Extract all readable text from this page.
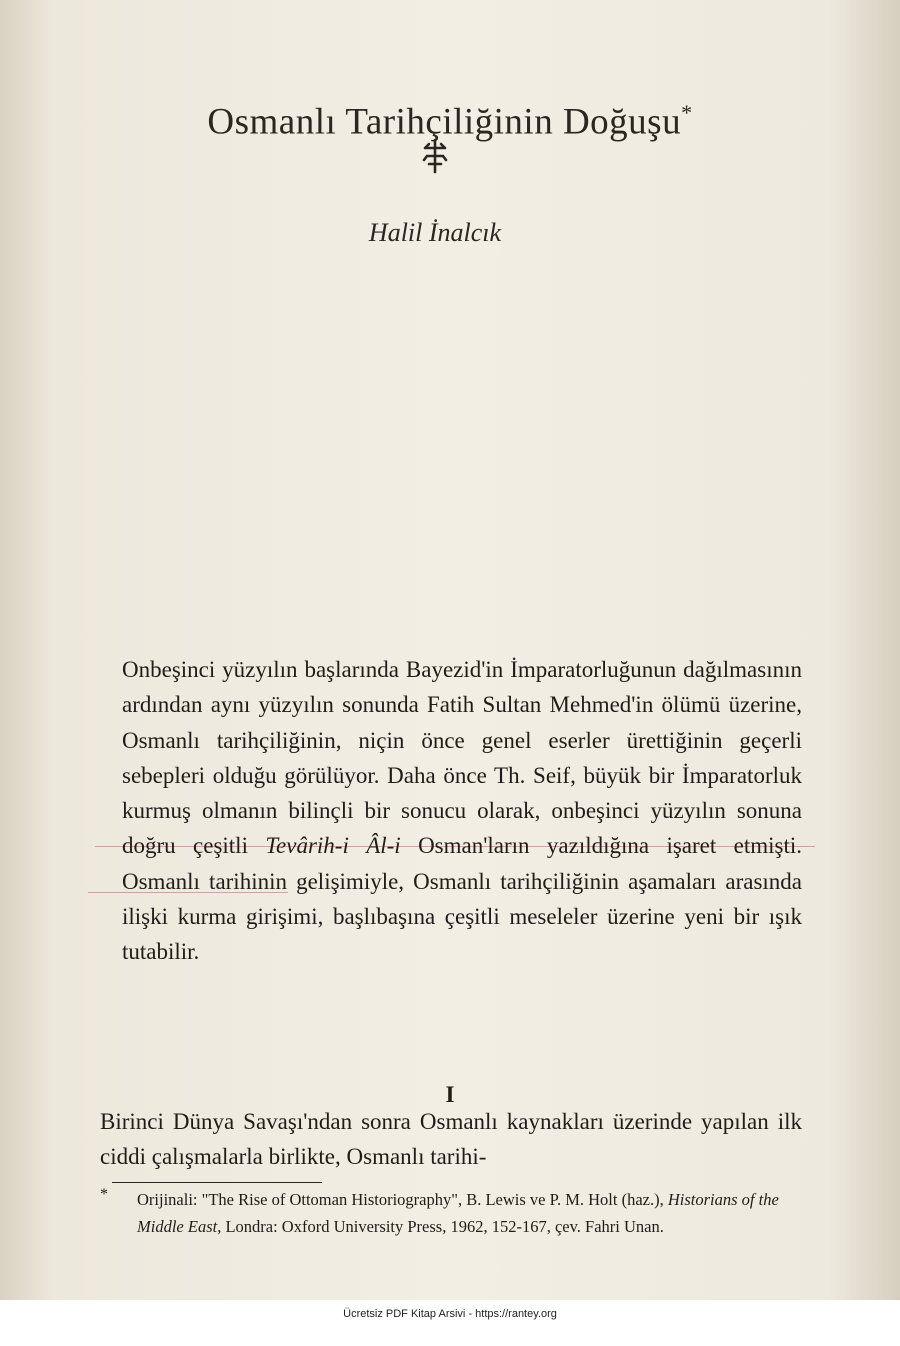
Osmanlı Tarihçiliğinin Doğuşu*
Halil İnalcık
Onbeşinci yüzyılın başlarında Bayezid'in İmparatorluğunun dağılmasının ardından aynı yüzyılın sonunda Fatih Sultan Mehmed'in ölümü üzerine, Osmanlı tarihçiliğinin, niçin önce genel eserler ürettiğinin geçerli sebepleri olduğu görülüyor. Daha önce Th. Seif, büyük bir İmparatorluk kurmuş olmanın bilinçli bir sonucu olarak, onbeşinci yüzyılın sonuna doğru çeşitli Tevârih-i Âl-i Osman'ların yazıldığına işaret etmişti. Osmanlı tarihinin gelişimiyle, Osmanlı tarihçiliğinin aşamaları arasında ilişki kurma girişimi, başlıbaşına çeşitli meseleler üzerine yeni bir ışık tutabilir.
I
Birinci Dünya Savaşı'ndan sonra Osmanlı kaynakları üzerinde yapılan ilk ciddi çalışmalarla birlikte, Osmanlı tarihi-
* Orijinali: "The Rise of Ottoman Historiography", B. Lewis ve P. M. Holt (haz.), Historians of the Middle East, Londra: Oxford University Press, 1962, 152-167, çev. Fahri Unan.
Ücretsiz PDF Kitap Arsivi - https://rantey.org
